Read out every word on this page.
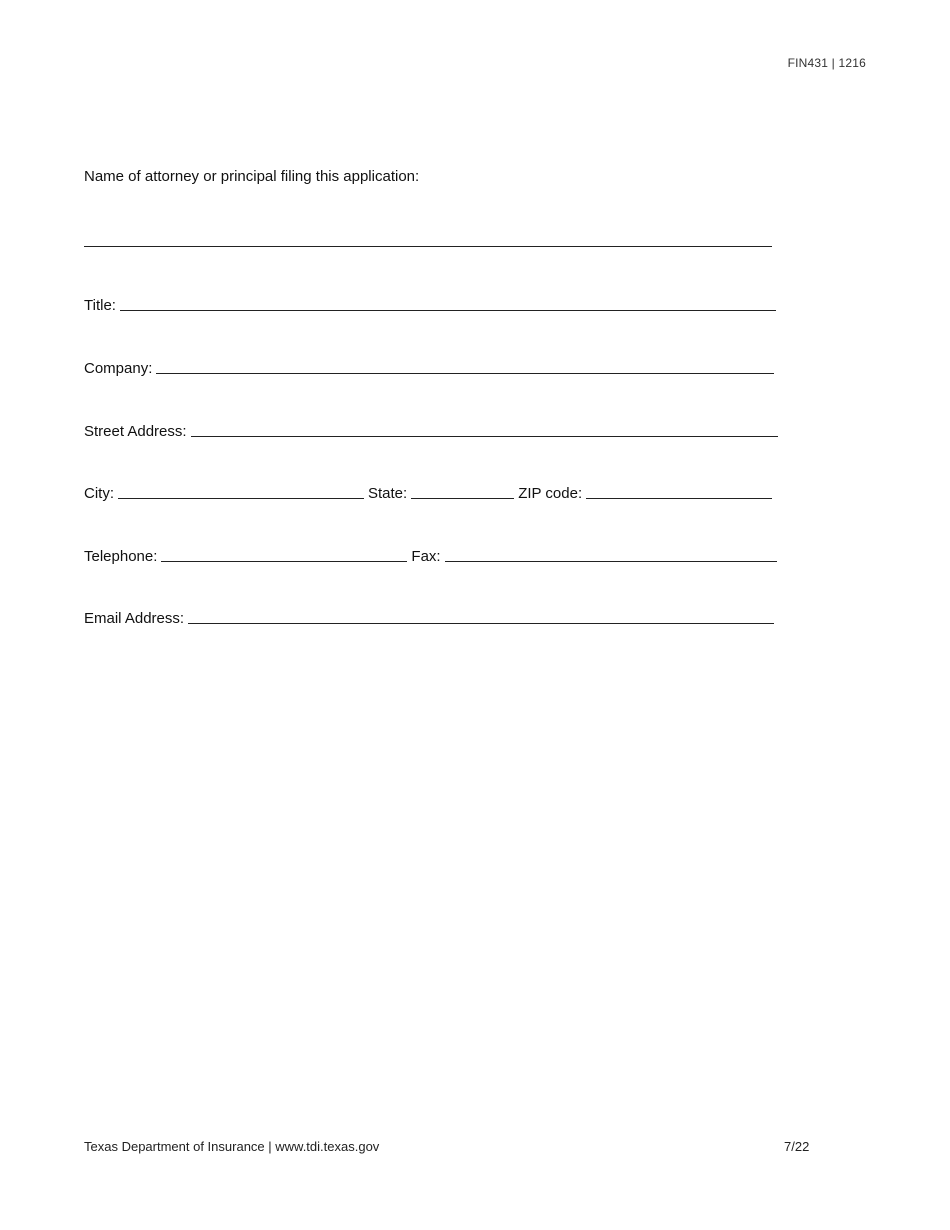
FIN431 | 1216
Name of attorney or principal filing this application:
Title:
Company:
Street Address:
City:	State:	ZIP code:
Telephone:	Fax:
Email Address:
Texas Department of Insurance | www.tdi.texas.gov	7/22
